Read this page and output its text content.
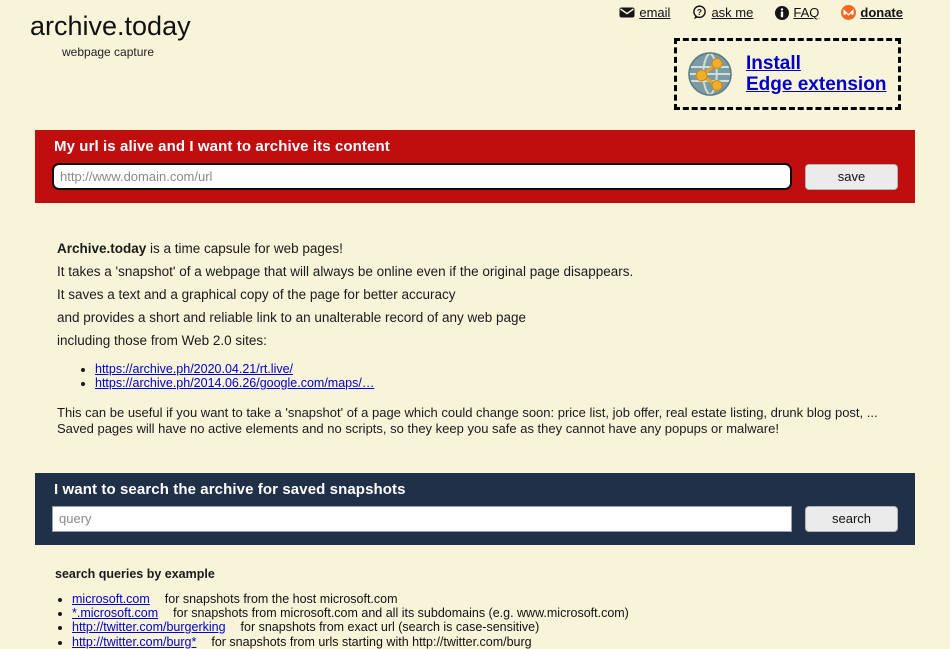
email	? ask me	FAQ	donate
archive.today
webpage capture
Install
Edge extension
My url is alive and I want to archive its content
http://www.domain.com/url
save

Archive.today is a time capsule for web pages!

It takes a 'snapshot' of a webpage that will always be online even if the original page disappears.

It saves a text and a graphical copy of the page for better accuracy

and provides a short and reliable link to an unalterable record of any web page

including those from Web 2.0 sites:

• https://archive.ph/2020.04.21/rt.live/
• https://archive.ph/2014.06.26/google.com/maps/…

This can be useful if you want to take a 'snapshot' of a page which could change soon: price list, job offer, real estate listing, drunk blog post, ...
Saved pages will have no active elements and no scripts, so they keep you safe as they cannot have any popups or malware!

I want to search the archive for saved snapshots
query
search

search queries by example

• microsoft.com for snapshots from the host microsoft.com
• *.microsoft.com for snapshots from microsoft.com and all its subdomains (e.g. www.microsoft.com)
• http://twitter.com/burgerking for snapshots from exact url (search is case-sensitive)
• http://twitter.com/burg* for snapshots from urls starting with http://twitter.com/burg
